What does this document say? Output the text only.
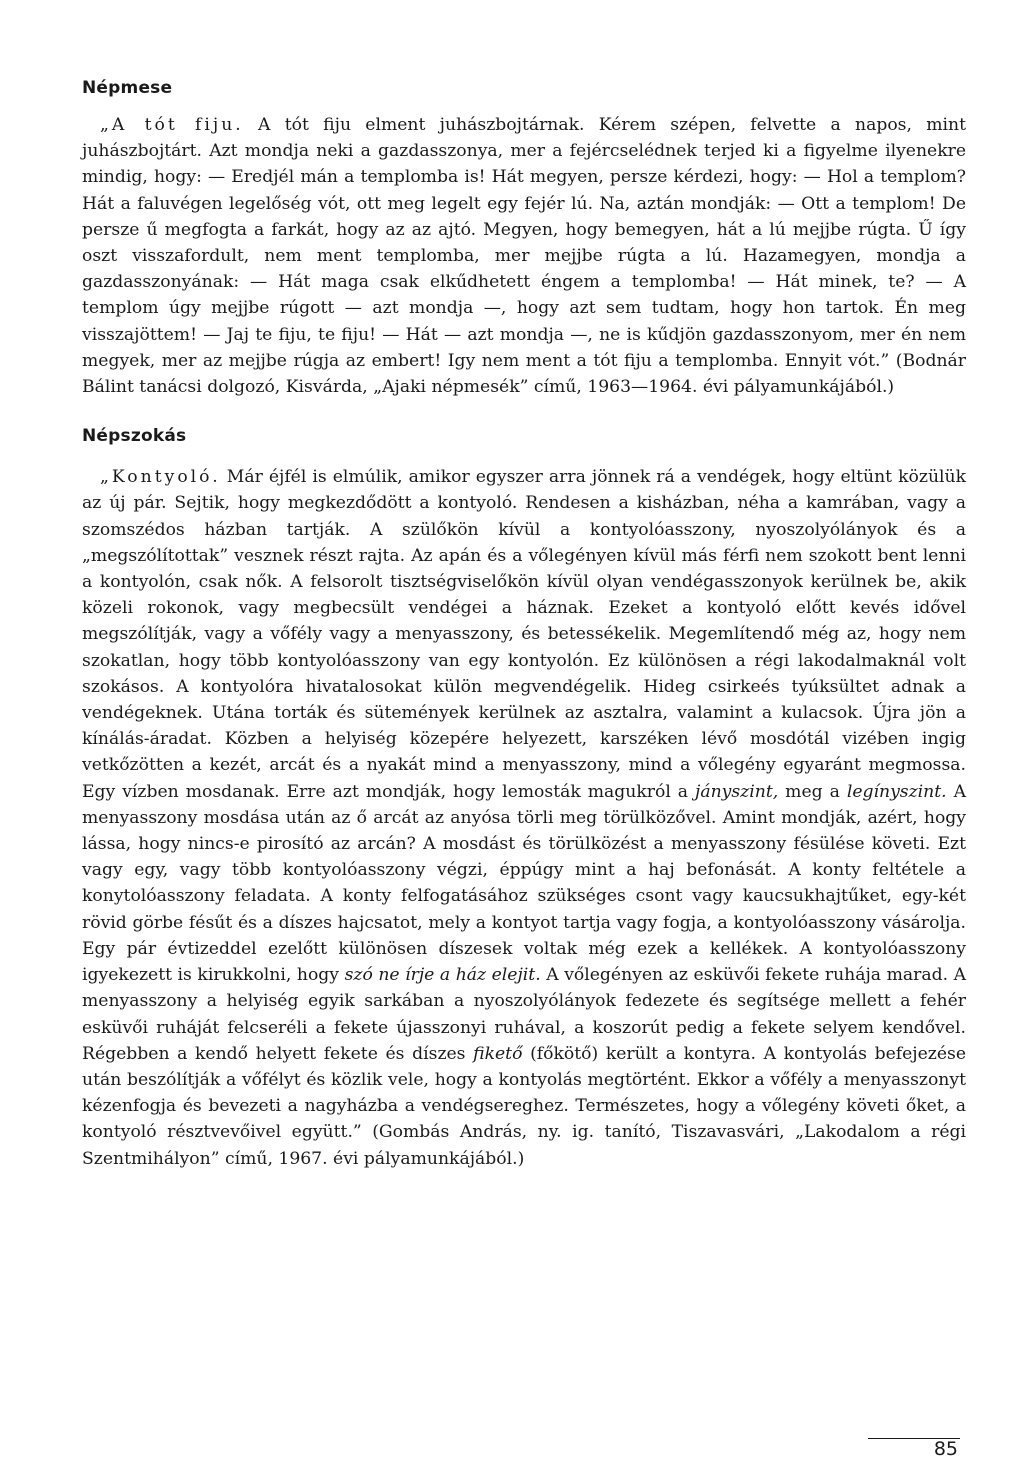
Népmese

„A tót fiju. A tót fiju elment juhászbojtárnak. Kérem szépen, felvette a napos, mint juhászbojtárt. Azt mondja neki a gazdasszonya, mer a fejércselédnek terjed ki a figyelme ilyenekre mindig, hogy: — Eredjél mán a templomba is! Hát megyen, persze kérdezi, hogy: — Hol a templom? Hát a faluvégen legelőség vót, ott meg legelt egy fejér lú. Na, aztán mondják: — Ott a templom! De persze ű megfogta a farkát, hogy az az ajtó. Megyen, hogy bemegyen, hát a lú mejjbe rúgta. Ű így oszt visszafordult, nem ment templomba, mer mejjbe rúgta a lú. Hazamegyen, mondja a gazdasszonyának: — Hát maga csak elkűdhetett éngem a templomba! — Hát minek, te? — A templom úgy mejjbe rúgott — azt mondja —, hogy azt sem tudtam, hogy hon tartok. Én meg visszajöttem! — Jaj te fiju, te fiju! — Hát — azt mondja —, ne is kűdjön gazdasszonyom, mer én nem megyek, mer az mejjbe rúgja az embert! Igy nem ment a tót fiju a templomba. Ennyit vót.” (Bodnár Bálint tanácsi dolgozó, Kisvárda, „Ajaki népmesék” című, 1963—1964. évi pályamunkájából.)

Népszokás

„Kontyoló. Már éjfél is elmúlik, amikor egyszer arra jönnek rá a vendégek, hogy eltünt közülük az új pár. Sejtik, hogy megkezdődött a kontyoló. Rendesen a kisházban, néha a kamrában, vagy a szomszédos házban tartják. A szülőkön kívül a kontyolóasszony, nyoszolyólányok és a „megszólítottak” vesznek részt rajta. Az apán és a vőlegényen kívül más férfi nem szokott bent lenni a kontyolón, csak nők. A felsorolt tisztségviselőkön kívül olyan vendégasszonyok kerülnek be, akik közeli rokonok, vagy megbecsült vendégei a háznak. Ezeket a kontyoló előtt kevés idővel megszólítják, vagy a vőfély vagy a menyasszony, és betessékelik. Megemlítendő még az, hogy nem szokatlan, hogy több kontyolóasszony van egy kontyolón. Ez különösen a régi lakodalmaknál volt szokásos. A kontyolóra hivatalosokat külön megvendégelik. Hideg csirkeés tyúksültet adnak a vendégeknek. Utána torták és sütemények kerülnek az asztalra, valamint a kulacsok. Újra jön a kínálás-áradat. Közben a helyiség közepére helyezett, karszéken lévő mosdótál vizében ingig vetkőzötten a kezét, arcát és a nyakát mind a menyasszony, mind a vőlegény egyaránt megmossa. Egy vízben mosdanak. Erre azt mondják, hogy lemosták magukról a jányszint, meg a legínyszint. A menyasszony mosdása után az ő arcát az anyósa törli meg törülközővel. Amint mondják, azért, hogy lássa, hogy nincs-e pirosító az arcán? A mosdást és törülközést a menyasszony fésülése követi. Ezt vagy egy, vagy több kontyolóasszony végzi, éppúgy mint a haj befonását. A konty feltétele a konytolóasszony feladata. A konty felfogatásához szükséges csont vagy kaucsukhajtűket, egy-két rövid görbe fésűt és a díszes hajcsatot, mely a kontyot tartja vagy fogja, a kontyolóasszony vásárolja. Egy pár évtizeddel ezelőtt különösen díszesek voltak még ezek a kellékek. A kontyolóasszony igyekezett is kirukkolni, hogy szó ne írje a ház elejit. A vőlegényen az esküvői fekete ruhája marad. A menyasszony a helyiség egyik sarkában a nyoszolyólányok fedezete és segítsége mellett a fehér esküvői ruháját felcseréli a fekete újasszonyi ruhával, a koszorút pedig a fekete selyem kendővel. Régebben a kendő helyett fekete és díszes fikető (főkötő) került a kontyra. A kontyolás befejezése után beszólítják a vőfélyt és közlik vele, hogy a kontyolás megtörtént. Ekkor a vőfély a menyasszonyt kézenfogja és bevezeti a nagyházba a vendégsereghez. Természetes, hogy a vőlegény követi őket, a kontyoló résztvevőivel együtt.” (Gombás András, ny. ig. tanító, Tiszavasvári, „Lakodalom a régi Szentmihályon” című, 1967. évi pályamunkájából.)

85
